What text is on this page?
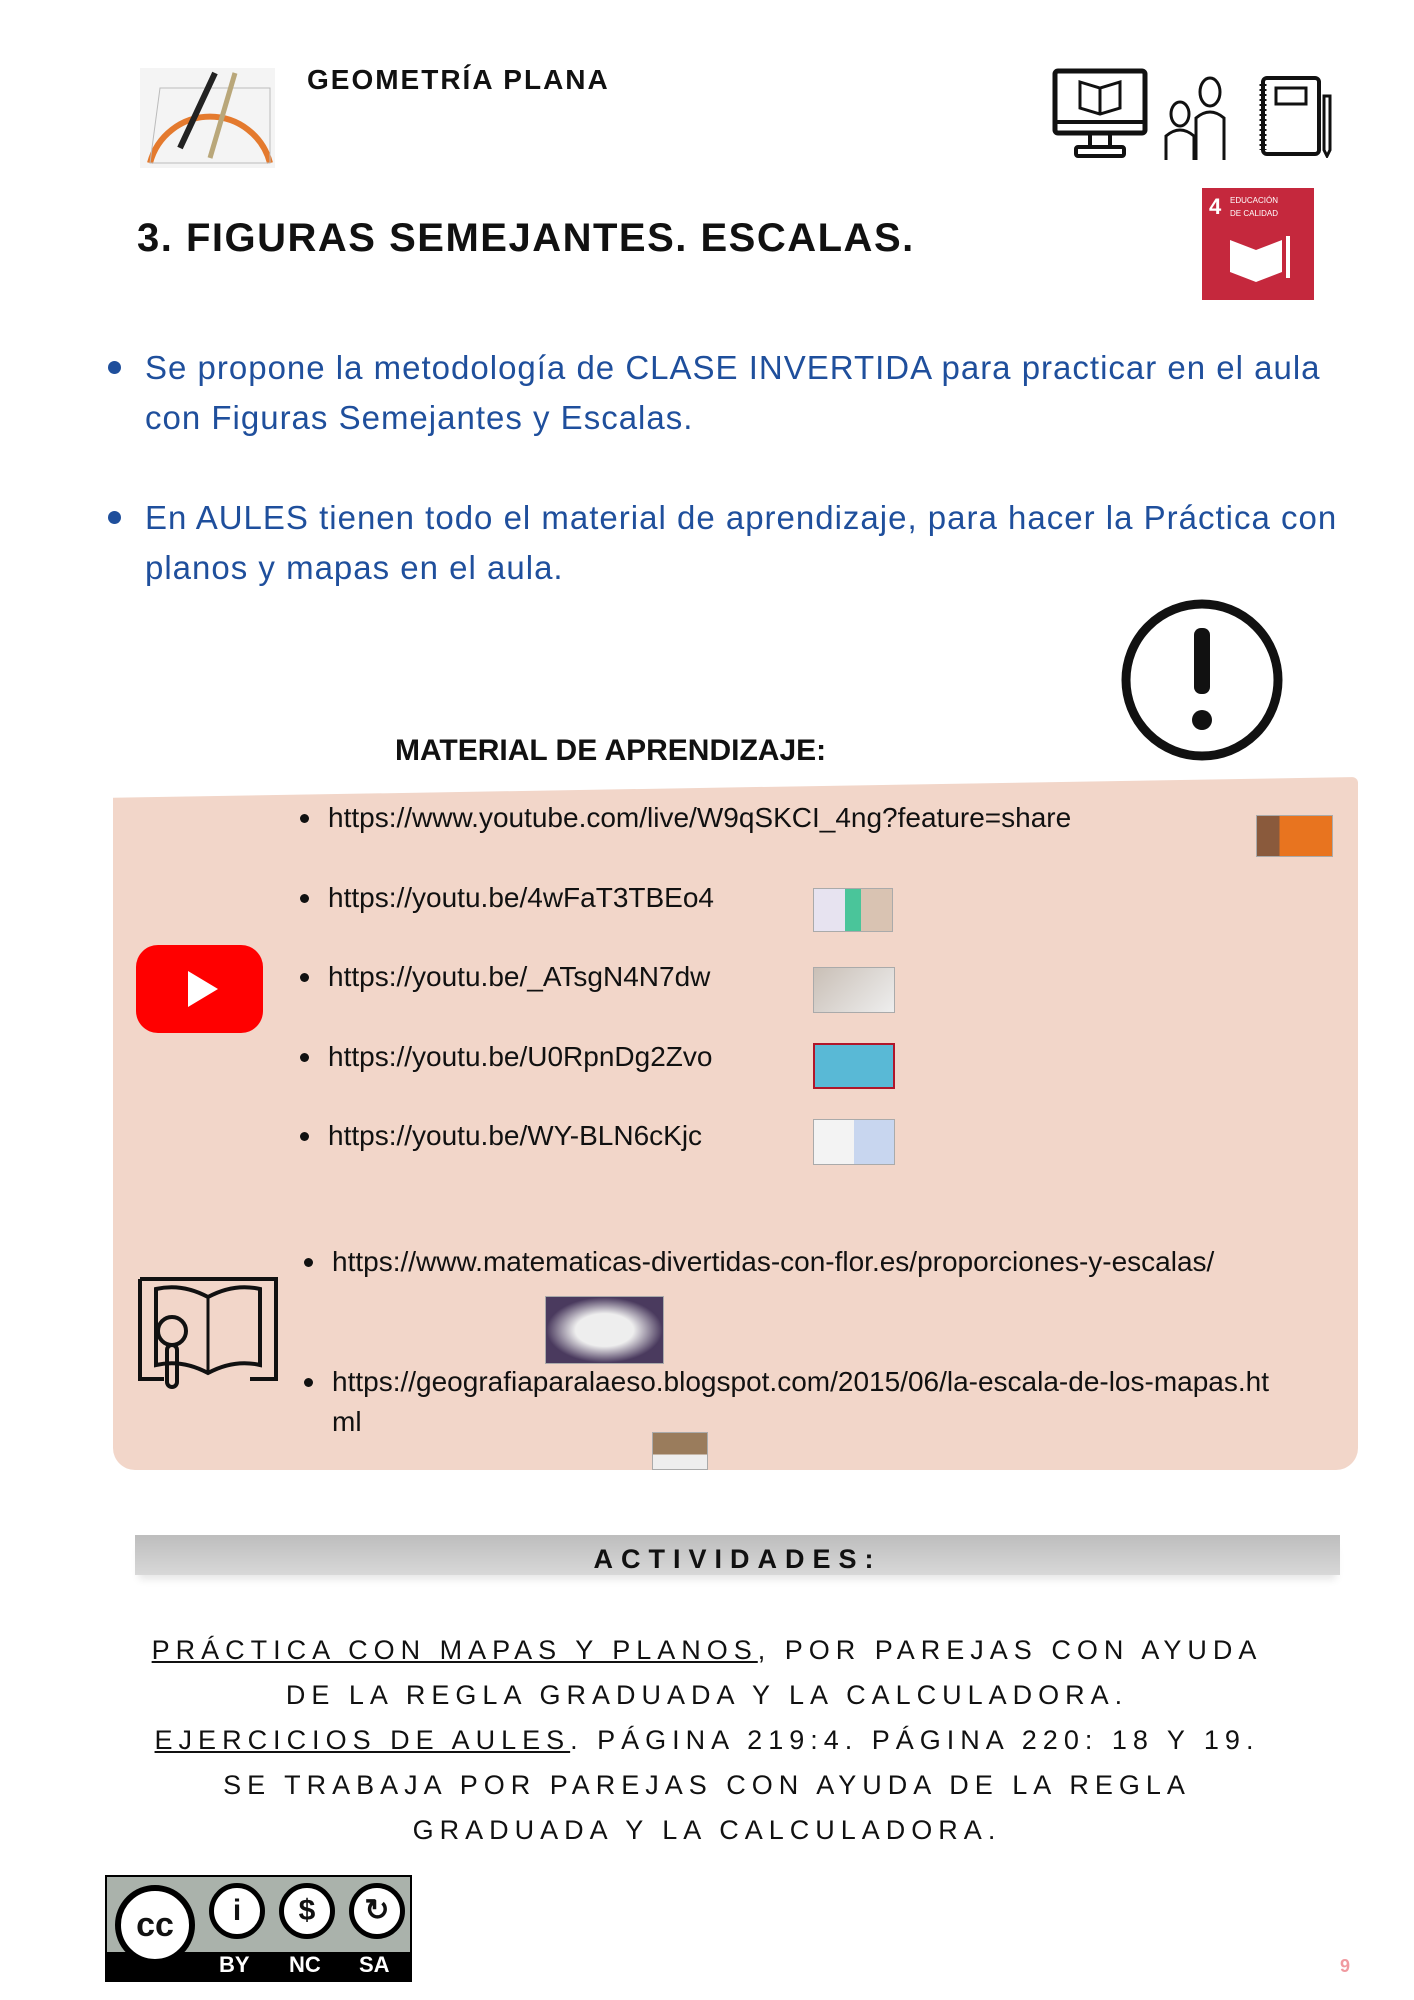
GEOMETRÍA PLANA
4 EDUCACIÓN
DE CALIDAD
3. FIGURAS SEMEJANTES. ESCALAS.
Se propone la metodología de CLASE INVERTIDA para practicar en el aula con Figuras Semejantes y Escalas.
En AULES tienen todo el material de aprendizaje, para hacer la Práctica con planos y mapas en el aula.
MATERIAL DE APRENDIZAJE:
https://www.youtube.com/live/W9qSKCI_4ng?feature=share
https://youtu.be/4wFaT3TBEo4
https://youtu.be/_ATsgN4N7dw
https://youtu.be/U0RpnDg2Zvo
https://youtu.be/WY-BLN6cKjc
https://www.matematicas-divertidas-con-flor.es/proporciones-y-escalas/
https://geografiaparalaeso.blogspot.com/2015/06/la-escala-de-los-mapas.html
ACTIVIDADES:
PRÁCTICA CON MAPAS Y PLANOS, POR PAREJAS CON AYUDA
DE LA REGLA GRADUADA Y LA CALCULADORA.
EJERCICIOS DE AULES. PÁGINA 219:4. PÁGINA 220: 18 Y 19.
SE TRABAJA POR PAREJAS CON AYUDA DE LA REGLA
GRADUADA Y LA CALCULADORA.
cc	i	$	↻
BY NC SA	9
